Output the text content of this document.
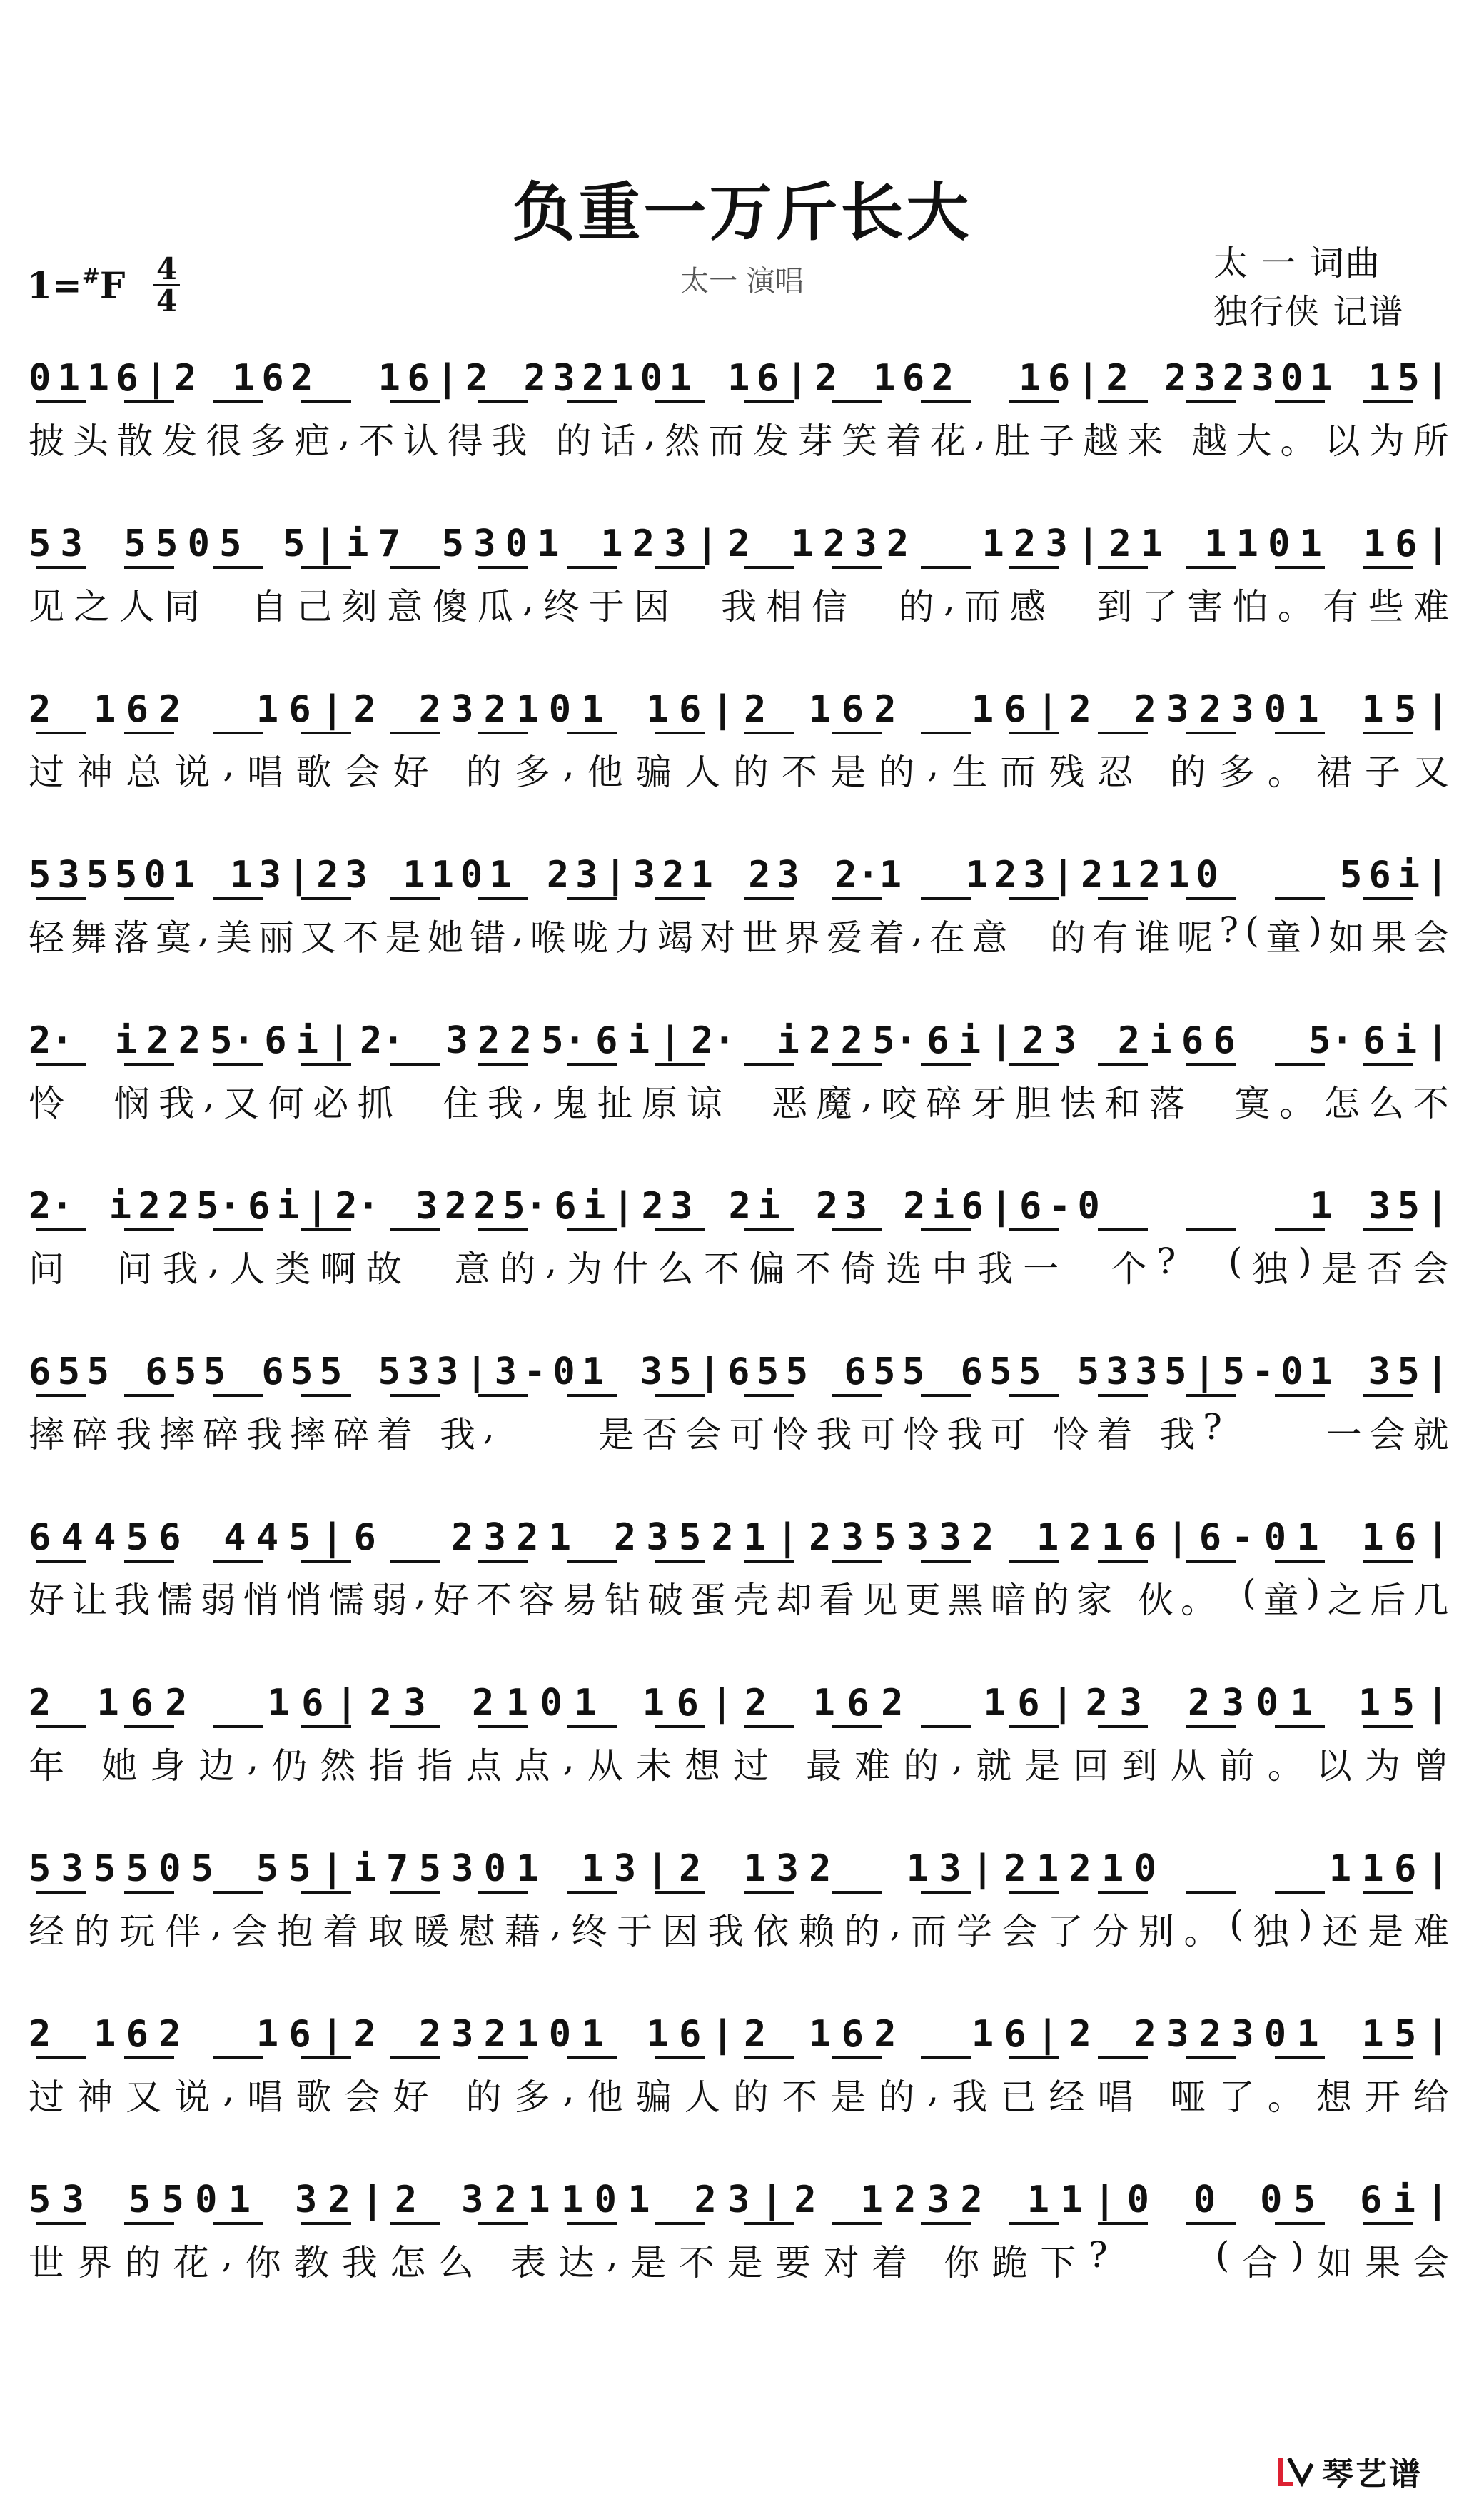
负重一万斤长大
太一 演唱
1=#F 4
4
太 一 词曲
独行侠 记谱
0 1 1 6 | 2
1 6 2

1 6 | 2
2 3 2 1 0 1
1 6 | 2
1 6 2

1 6 | 2
2 3 2 3 0 1
1 5 |
披 头 散 发 很 多 疤 , 不 认 得 我
的 话 , 然 而 发 芽 笑 着 花 , 肚 子 越 来
越 大 。 以 为 所
5 3
5 5 0 5
5 | i 7
5 3 0 1
1 2 3 | 2
1 2 3 2

1 2 3 | 2 1
1 1 0 1
1 6 |
见 之 人 同

自 己 刻 意 傻 瓜 , 终 于 因

我 相 信

的 , 而 感

到 了 害 怕 。 有 些 难
2
1 6 2

1 6 | 2
2 3 2 1 0 1
1 6 | 2
1 6 2

1 6 | 2
2 3 2 3 0 1
1 5 |
过 神 总 说 , 唱 歌 会 好
的 多 , 他 骗 人 的 不 是 的 , 生 而 残 忍
的 多 。 裙 子 又
5 3 5 5 0 1
1 3 | 2 3
1 1 0 1
2 3 | 3 2 1
2 3
2·1

1 2 3 | 2 1 2 1 0

	5 6 i |
轻 舞 落 寞 , 美 丽 又 不 是 她 错 , 喉 咙 力 竭 对 世 界 爱 着 , 在 意

的 有 谁 呢 ? ( 童 ) 如 果 会
2·
i 2 2 5· 6 i | 2·
3 2 2 5· 6 i | 2·
i 2 2 5· 6 i | 2 3
2 i 6 6

5· 6 i |
怜

悯 我 , 又 何 必 抓

住 我 , 鬼 扯 原 谅

恶 魔 , 咬 碎 牙 胆 怯 和 落

寞 。 怎 么 不
2·
i 2 2 5· 6 i | 2·
3 2 2 5· 6 i | 2 3
2 i
2 3
2 i 6 | 6 - 0

	1
3 5 |
问

问 我 , 人 类 啊 故

意 的 , 为 什 么 不 偏 不 倚 选 中 我 一

个 ?

( 独 ) 是 否 会
6 5 5
6 5 5
6 5 5
5 3 3 | 3 - 0 1
3 5 | 6 5 5
6 5 5
6 5 5
5 3 3 5 | 5 - 0 1
3 5 |
摔 碎 我 摔 碎 我 摔 碎 着
我 ,

	是 否 会 可 怜 我 可 怜 我 可
怜 着
我 ?

	一 会 就
6 4 4 5 6
4 4 5 | 6

2 3 2 1
2 3 5 2 1 | 2 3 5 3 3 2
1 2 1 6 | 6 - 0 1
1 6 |
好 让 我 懦 弱 悄 悄 懦 弱 , 好 不 容 易 钻 破 蛋 壳 却 看 见 更 黑 暗 的 家
伙 。
( 童 ) 之 后 几
2
1 6 2

1 6 | 2 3
2 1 0 1
1 6 | 2
1 6 2

1 6 | 2 3
2 3 0 1
1 5 |
年
她 身 边 , 仍 然 指 指 点 点 , 从 未 想 过
最 难 的 , 就 是 回 到 从 前 。 以 为 曾
5 3 5 5 0 5
5 5 | i 7 5 3 0 1
1 3 | 2
1 3 2

1 3 | 2 1 2 1 0

	1 1 6 |
经 的 玩 伴 , 会 抱 着 取 暖 慰 藉 , 终 于 因 我 依 赖 的 , 而 学 会 了 分 别 。 ( 独 ) 还 是 难
2
1 6 2

1 6 | 2
2 3 2 1 0 1
1 6 | 2
1 6 2

1 6 | 2
2 3 2 3 0 1
1 5 |
过 神 又 说 , 唱 歌 会 好
的 多 , 他 骗 人 的 不 是 的 , 我 已 经 唱
哑 了 。 想 开 给
5 3
5 5 0 1
3 2 | 2
3 2 1 1 0 1
2 3 | 2
1 2 3 2
1 1 | 0
0
0 5
6 i |
世 界 的 花 , 你 教 我 怎 么
表 达 , 是 不 是 要 对 着
你 跪 下 ?

	( 合 ) 如 果 会
琴艺谱
